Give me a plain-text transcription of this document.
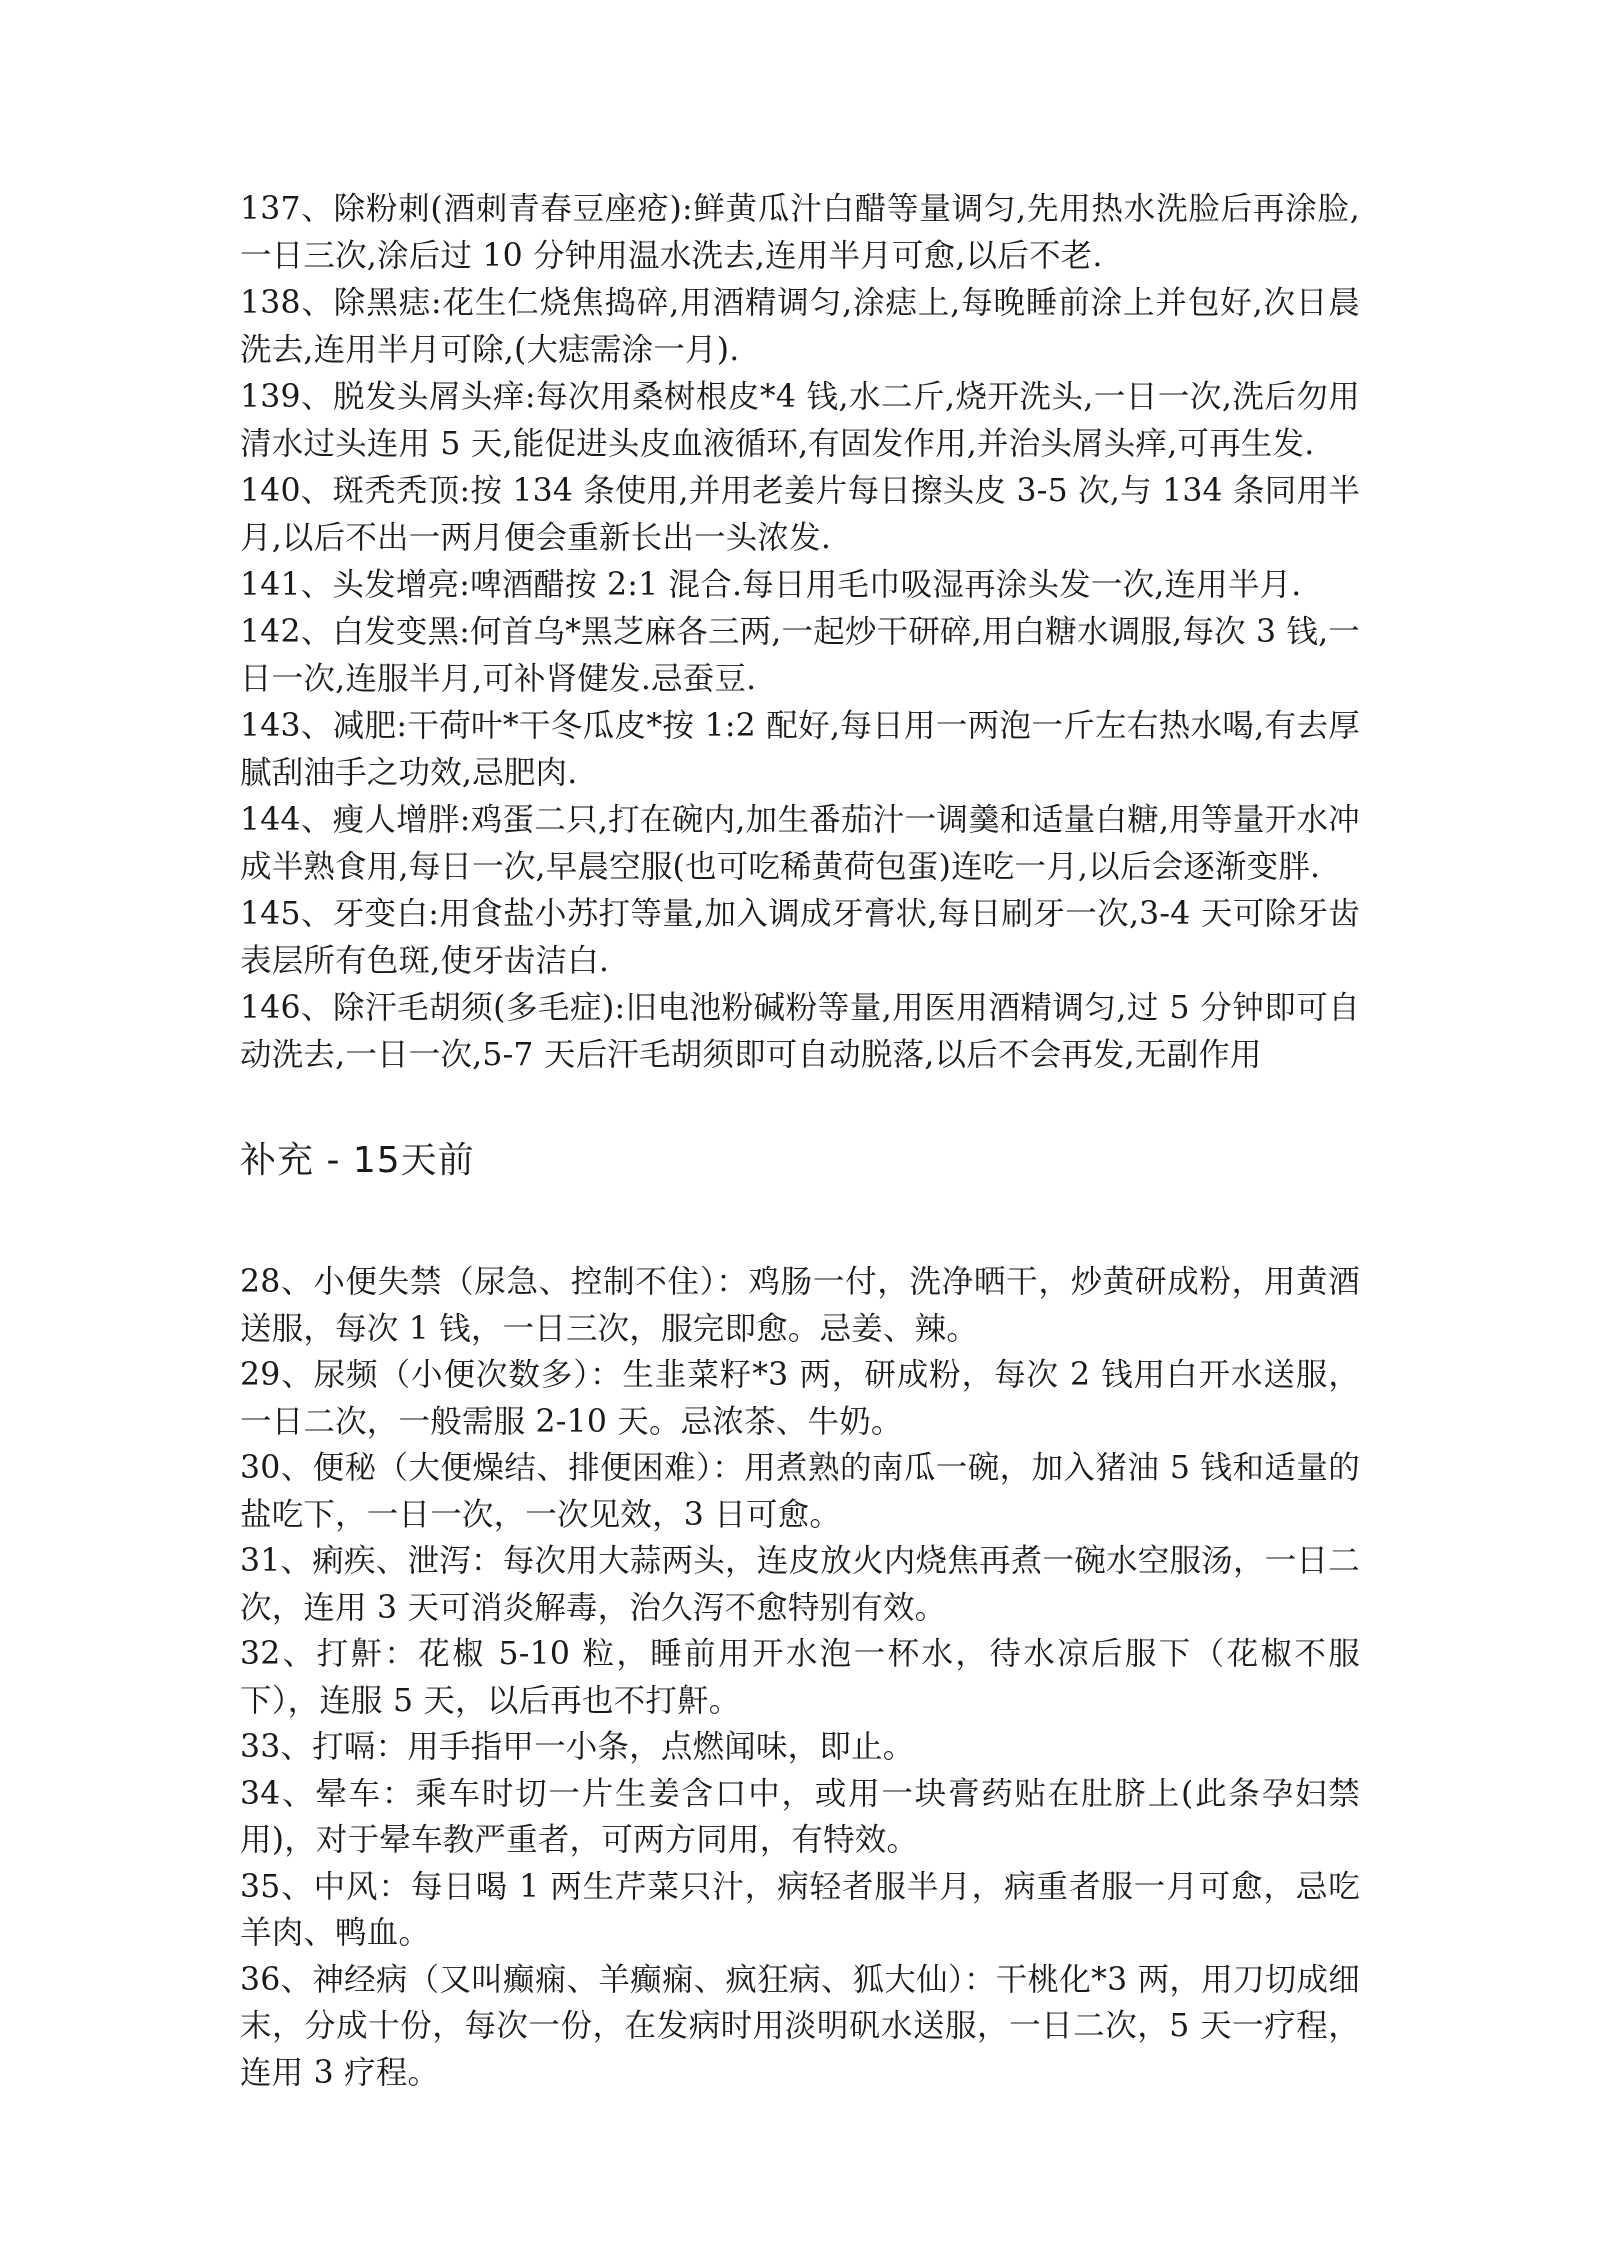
137、除粉刺(酒刺青春豆座疮):鲜黄瓜汁白醋等量调匀,先用热水洗脸后再涂脸,一日三次,涂后过 10 分钟用温水洗去,连用半月可愈,以后不老.

138、除黑痣:花生仁烧焦捣碎,用酒精调匀,涂痣上,每晚睡前涂上并包好,次日晨洗去,连用半月可除,(大痣需涂一月).

139、脱发头屑头痒:每次用桑树根皮*4 钱,水二斤,烧开洗头,一日一次,洗后勿用清水过头连用 5 天,能促进头皮血液循环,有固发作用,并治头屑头痒,可再生发.

140、斑秃秃顶:按 134 条使用,并用老姜片每日擦头皮 3-5 次,与 134 条同用半月,以后不出一两月便会重新长出一头浓发.

141、头发增亮:啤酒醋按 2:1 混合.每日用毛巾吸湿再涂头发一次,连用半月.

142、白发变黑:何首乌*黑芝麻各三两,一起炒干研碎,用白糖水调服,每次 3 钱,一日一次,连服半月,可补肾健发.忌蚕豆.

143、减肥:干荷叶*干冬瓜皮*按 1:2 配好,每日用一两泡一斤左右热水喝,有去厚腻刮油手之功效,忌肥肉.

144、瘦人增胖:鸡蛋二只,打在碗内,加生番茄汁一调羹和适量白糖,用等量开水冲成半熟食用,每日一次,早晨空服(也可吃稀黄荷包蛋)连吃一月,以后会逐渐变胖.

145、牙变白:用食盐小苏打等量,加入调成牙膏状,每日刷牙一次,3-4 天可除牙齿表层所有色斑,使牙齿洁白.

146、除汗毛胡须(多毛症):旧电池粉碱粉等量,用医用酒精调匀,过 5 分钟即可自动洗去,一日一次,5-7 天后汗毛胡须即可自动脱落,以后不会再发,无副作用

补充 - 15天前

28、小便失禁（尿急、控制不住）：鸡肠一付，洗净晒干，炒黄研成粉，用黄酒送服，每次 1 钱，一日三次，服完即愈。忌姜、辣。

29、尿频（小便次数多）：生韭菜籽*3 两，研成粉，每次 2 钱用白开水送服，一日二次，一般需服 2-10 天。忌浓茶、牛奶。

30、便秘（大便燥结、排便困难）：用煮熟的南瓜一碗，加入猪油 5 钱和适量的盐吃下，一日一次，一次见效，3 日可愈。

31、痢疾、泄泻：每次用大蒜两头，连皮放火内烧焦再煮一碗水空服汤，一日二次，连用 3 天可消炎解毒，治久泻不愈特别有效。

32、打鼾：花椒 5-10 粒，睡前用开水泡一杯水，待水凉后服下（花椒不服下），连服 5 天，以后再也不打鼾。

33、打嗝：用手指甲一小条，点燃闻味，即止。

34、晕车：乘车时切一片生姜含口中，或用一块膏药贴在肚脐上(此条孕妇禁用)，对于晕车教严重者，可两方同用，有特效。

35、中风：每日喝 1 两生芹菜只汁，病轻者服半月，病重者服一月可愈，忌吃羊肉、鸭血。

36、神经病（又叫癫痫、羊癫痫、疯狂病、狐大仙）：干桃化*3 两，用刀切成细末，分成十份，每次一份，在发病时用淡明矾水送服，一日二次，5 天一疗程，连用 3 疗程。
